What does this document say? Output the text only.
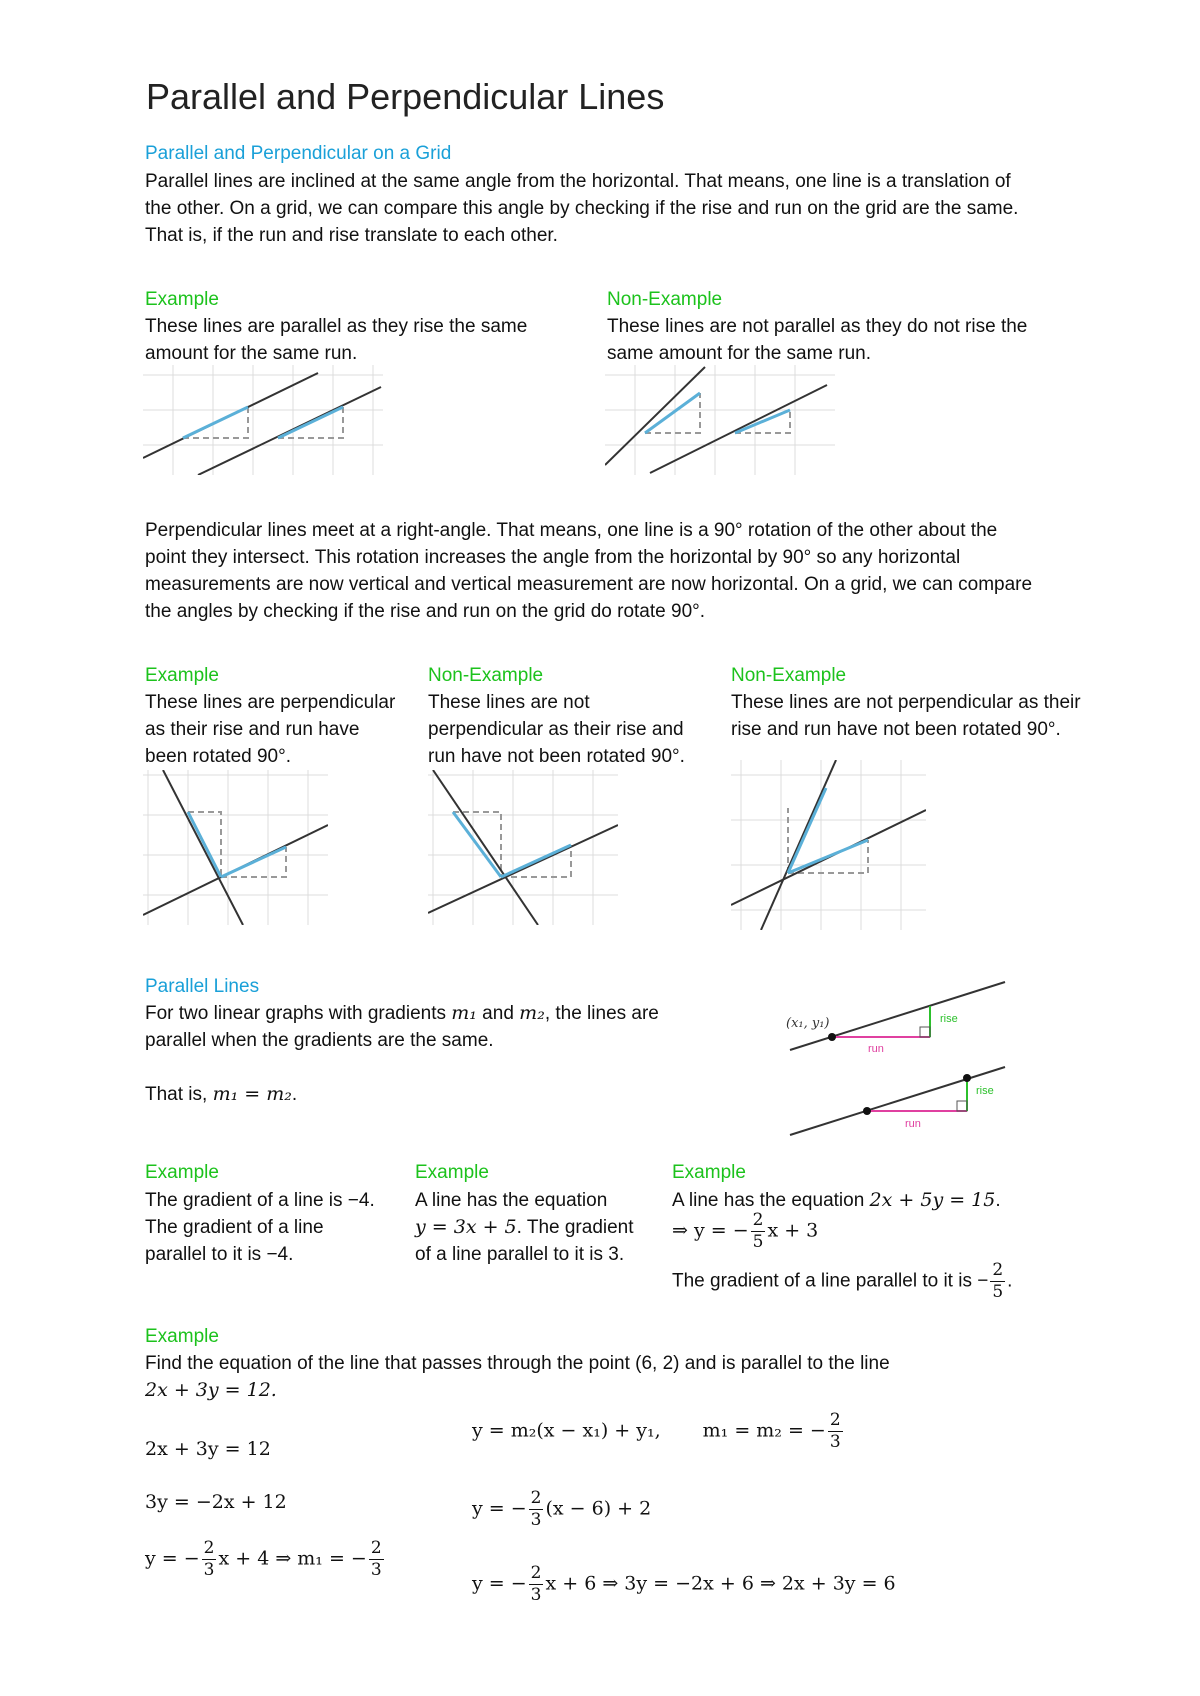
Parallel and Perpendicular Lines
Parallel and Perpendicular on a Grid
Parallel lines are inclined at the same angle from the horizontal. That means, one line is a translation of
the other. On a grid, we can compare this angle by checking if the rise and run on the grid are the same.
That is, if the run and rise translate to each other.
Example
These lines are parallel as they rise the same
amount for the same run.
Non-Example
These lines are not parallel as they do not rise the
same amount for the same run.
Perpendicular lines meet at a right-angle. That means, one line is a 90° rotation of the other about the
point they intersect. This rotation increases the angle from the horizontal by 90° so any horizontal
measurements are now vertical and vertical measurement are now horizontal. On a grid, we can compare
the angles by checking if the rise and run on the grid do rotate 90°.
Example
These lines are perpendicular
as their rise and run have
been rotated 90°.
Non-Example
These lines are not
perpendicular as their rise and
run have not been rotated 90°.
Non-Example
These lines are not perpendicular as their
rise and run have not been rotated 90°.
Parallel Lines
For two linear graphs with gradients m₁ and m₂, the lines are
parallel when the gradients are the same.
That is, m₁ = m₂.
(x₁, y₁)	rise
run
rise
run
Example
The gradient of a line is −4.
The gradient of a line
parallel to it is −4.
Example
A line has the equation
y = 3x + 5. The gradient
of a line parallel to it is 3.
Example
A line has the equation 2x + 5y = 15.
⇒ y = − $\frac{2}{5}$ x + 3
The gradient of a line parallel to it is − $\frac{2}{5}$ .
Example
Find the equation of the line that passes through the point (6, 2) and is parallel to the line
2x + 3y = 12.
2x + 3y = 12
3y = −2x + 12
y = − $\frac{2}{3}$ x + 4 ⇒ m₁ = − $\frac{2}{3}$
y = m₂(x − x₁) + y₁, m₁ = m₂ = − $\frac{2}{3}$
y = − $\frac{2}{3} (x - 6) + 2$
y = − $\frac{2}{3}$ x + 6 ⇒ 3y = −2x + 6 ⇒ 2x + 3y = 6
